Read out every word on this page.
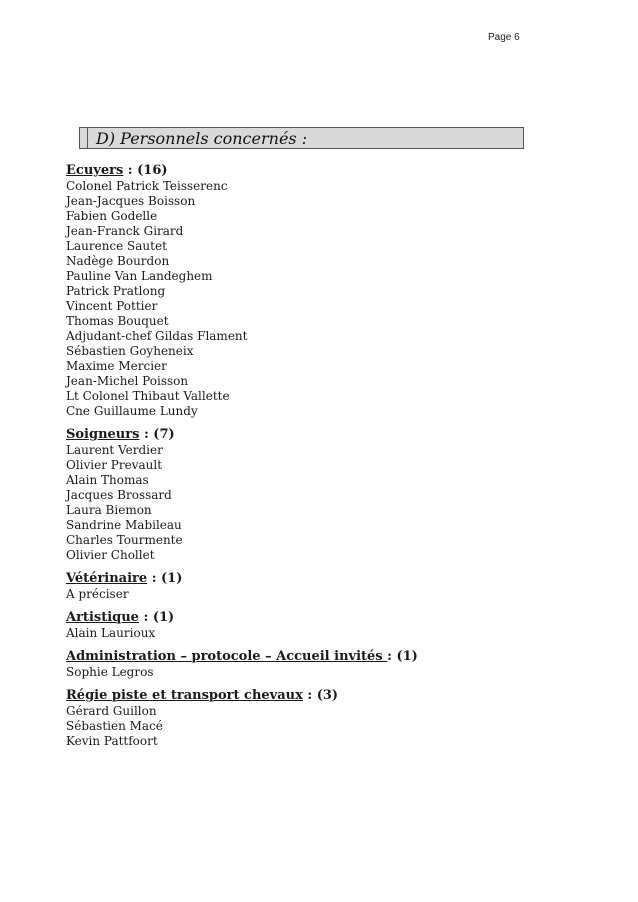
Page 6
D) Personnels concernés :
Ecuyers : (16)
Colonel Patrick Teisserenc
Jean-Jacques Boisson
Fabien Godelle
Jean-Franck Girard
Laurence Sautet
Nadège Bourdon
Pauline Van Landeghem
Patrick Pratlong
Vincent Pottier
Thomas Bouquet
Adjudant-chef Gildas Flament
Sébastien Goyheneix
Maxime Mercier
Jean-Michel Poisson
Lt Colonel Thibaut Vallette
Cne Guillaume Lundy
Soigneurs : (7)
Laurent Verdier
Olivier Prevault
Alain Thomas
Jacques Brossard
Laura Biemon
Sandrine Mabileau
Charles Tourmente
Olivier Chollet
Vétérinaire : (1)
A préciser
Artistique : (1)
Alain Laurioux
Administration – protocole – Accueil invités : (1)
Sophie Legros
Régie piste et transport chevaux : (3)
Gérard Guillon
Sébastien Macé
Kevin Pattfoort
